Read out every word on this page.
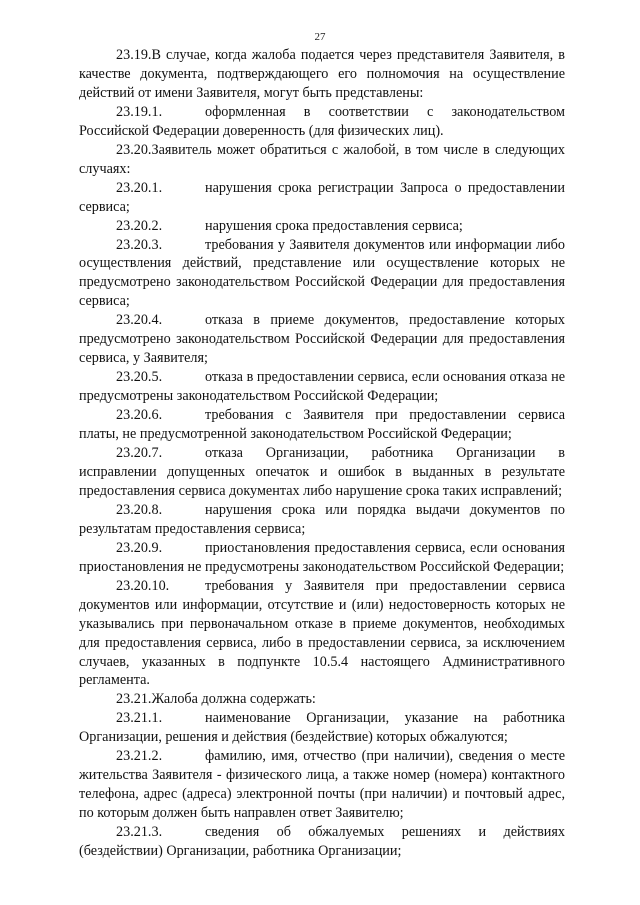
27

23.19.В случае, когда жалоба подается через представителя Заявителя, в качестве документа, подтверждающего его полномочия на осуществление действий от имени Заявителя, могут быть представлены:

23.19.1.	оформленная в соответствии с законодательством Российской Федерации доверенность (для физических лиц).

23.20.Заявитель может обратиться с жалобой, в том числе в следующих случаях:

23.20.1.	нарушения срока регистрации Запроса о предоставлении сервиса;

23.20.2.	нарушения срока предоставления сервиса;

23.20.3.	требования у Заявителя документов или информации либо осуществления действий, представление или осуществление которых не предусмотрено законодательством Российской Федерации для предоставления сервиса;

23.20.4.	отказа в приеме документов, предоставление которых предусмотрено законодательством Российской Федерации для предоставления сервиса, у Заявителя;

23.20.5.	отказа в предоставлении сервиса, если основания отказа не предусмотрены законодательством Российской Федерации;

23.20.6.	требования с Заявителя при предоставлении сервиса платы, не предусмотренной законодательством Российской Федерации;

23.20.7.	отказа Организации, работника Организации в исправлении допущенных опечаток и ошибок в выданных в результате предоставления сервиса документах либо нарушение срока таких исправлений;

23.20.8.	нарушения срока или порядка выдачи документов по результатам предоставления сервиса;

23.20.9.	приостановления предоставления сервиса, если основания приостановления не предусмотрены законодательством Российской Федерации;

23.20.10.	требования у Заявителя при предоставлении сервиса документов или информации, отсутствие и (или) недостоверность которых не указывались при первоначальном отказе в приеме документов, необходимых для предоставления сервиса, либо в предоставлении сервиса, за исключением случаев, указанных в подпункте 10.5.4 настоящего Административного регламента.

23.21.Жалоба должна содержать:

23.21.1.	наименование Организации, указание на работника Организации, решения и действия (бездействие) которых обжалуются;

23.21.2.	фамилию, имя, отчество (при наличии), сведения о месте жительства Заявителя - физического лица, а также номер (номера) контактного телефона, адрес (адреса) электронной почты (при наличии) и почтовый адрес, по которым должен быть направлен ответ Заявителю;

23.21.3.	сведения об обжалуемых решениях и действиях (бездействии) Организации, работника Организации;
